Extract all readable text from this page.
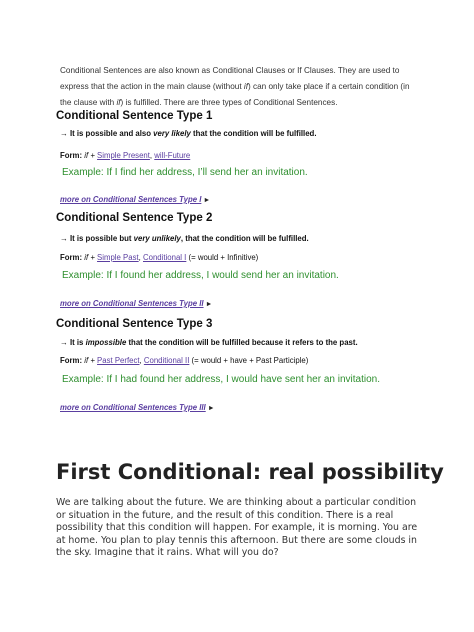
Conditional Sentences are also known as Conditional Clauses or If Clauses. They are used to express that the action in the main clause (without if) can only take place if a certain condition (in the clause with if) is fulfilled. There are three types of Conditional Sentences.
Conditional Sentence Type 1
→ It is possible and also very likely that the condition will be fulfilled.
Form: if + Simple Present, will-Future
Example: If I find her address, I’ll send her an invitation.
more on Conditional Sentences Type I ►
Conditional Sentence Type 2
→ It is possible but very unlikely, that the condition will be fulfilled.
Form: if + Simple Past, Conditional I (= would + Infinitive)
Example: If I found her address, I would send her an invitation.
more on Conditional Sentences Type II ►
Conditional Sentence Type 3
→ It is impossible that the condition will be fulfilled because it refers to the past.
Form: if + Past Perfect, Conditional II (= would + have + Past Participle)
Example: If I had found her address, I would have sent her an invitation.
more on Conditional Sentences Type III ►
First Conditional: real possibility
We are talking about the future. We are thinking about a particular condition or situation in the future, and the result of this condition. There is a real possibility that this condition will happen. For example, it is morning. You are at home. You plan to play tennis this afternoon. But there are some clouds in the sky. Imagine that it rains. What will you do?
